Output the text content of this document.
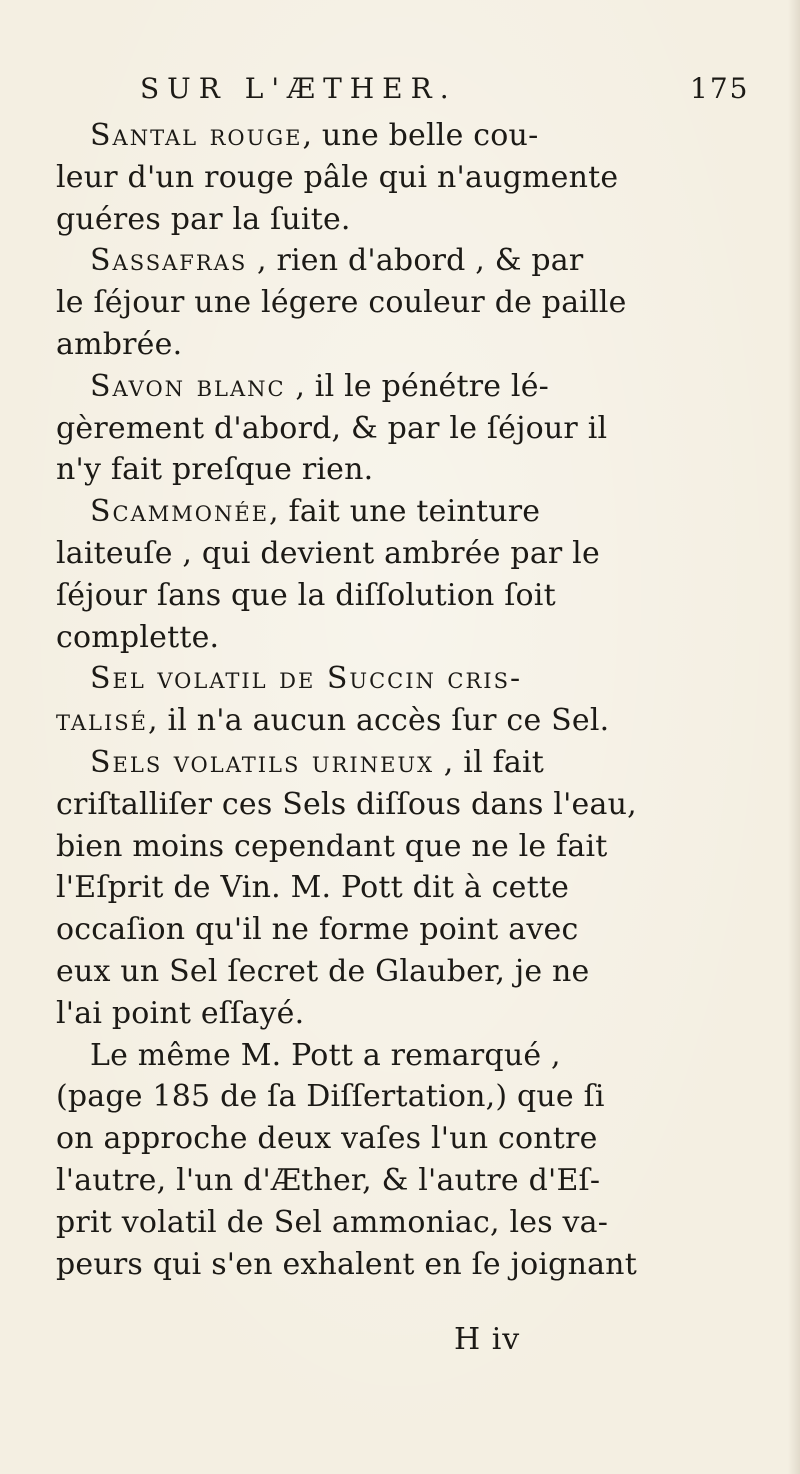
SUR L'ÆTHER.	175
Santal rouge, une belle cou-
leur d'un rouge pâle qui n'augmente
guéres par la ſuite.
Sassafras , rien d'abord , & par
le ſéjour une légere couleur de paille
ambrée.
Savon blanc , il le pénétre lé-
gèrement d'abord, & par le ſéjour il
n'y fait preſque rien.
Scammonée, fait une teinture
laiteuſe , qui devient ambrée par le
ſéjour ſans que la diſſolution ſoit
complette.
Sel volatil de Succin cris-
talisé, il n'a aucun accès ſur ce Sel.
Sels volatils urineux , il fait
criſtalliſer ces Sels diſſous dans l'eau,
bien moins cependant que ne le fait
l'Eſprit de Vin. M. Pott dit à cette
occaſion qu'il ne forme point avec
eux un Sel ſecret de Glauber, je ne
l'ai point eſſayé.
Le même M. Pott a remarqué ,
(page 185 de ſa Diſſertation,) que ſi
on approche deux vaſes l'un contre
l'autre, l'un d'Æther, & l'autre d'Eſ-
prit volatil de Sel ammoniac, les va-
peurs qui s'en exhalent en ſe joignant
H iv
